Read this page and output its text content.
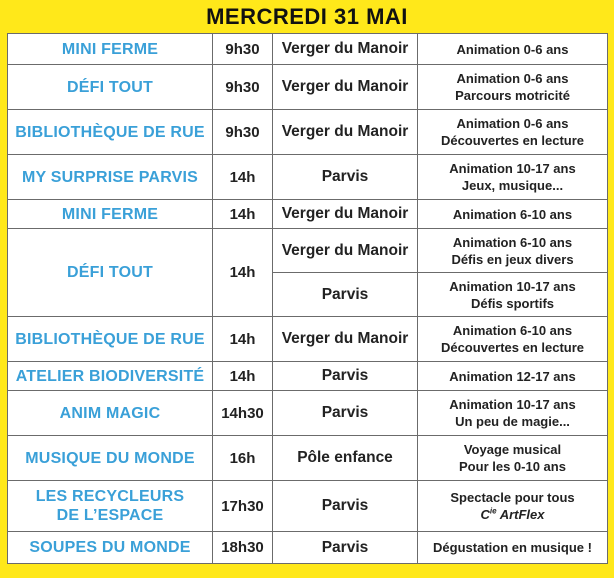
MERCREDI 31 MAI
MINI FERME	9h30	Verger du Manoir	Animation 0-6 ans

DÉFI TOUT	9h30	Verger du Manoir	Animation 0-6 ans
Parcours motricité

BIBLIOTHÈQUE DE RUE	9h30	Verger du Manoir	Animation 0-6 ans
Découvertes en lecture

MY SURPRISE PARVIS	14h	Parvis	Animation 10-17 ans
Jeux, musique...

MINI FERME	14h	Verger du Manoir	Animation 6-10 ans

DÉFI TOUT	14h	Verger du Manoir	Animation 6-10 ans
Défis en jeux divers

		Parvis	Animation 10-17 ans
Défis sportifs

BIBLIOTHÈQUE DE RUE	14h	Verger du Manoir	Animation 6-10 ans
Découvertes en lecture

ATELIER BIODIVERSITÉ	14h	Parvis	Animation 12-17 ans

ANIM MAGIC	14h30	Parvis	Animation 10-17 ans
Un peu de magie...

MUSIQUE DU MONDE	16h	Pôle enfance	Voyage musical
Pour les 0-10 ans

LES RECYCLEURS
DE L’ESPACE	17h30	Parvis	Spectacle pour tous
$C^{ie}$ ArtFlex

SOUPES DU MONDE	18h30	Parvis	Dégustation en musique !
